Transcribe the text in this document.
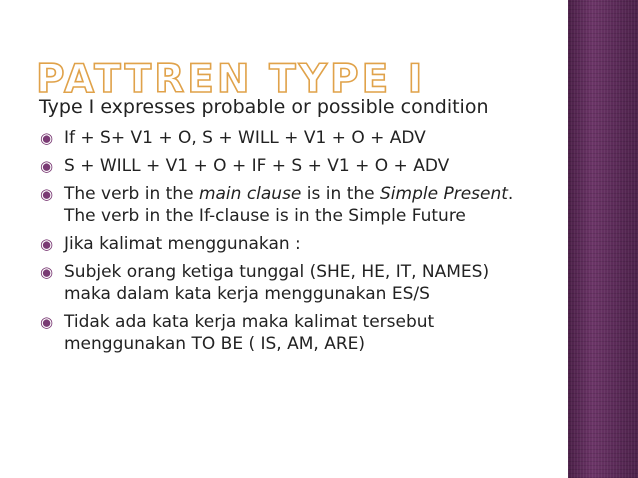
PATTREN TYPE I
Type I expresses probable or possible condition
◉ If + S+ V1 + O, S + WILL + V1 + O + ADV
◉ S + WILL + V1 + O + IF + S + V1 + O + ADV
◉ The verb in the main clause is in the Simple Present. The verb in the If-clause is in the Simple Future
◉ Jika kalimat menggunakan :
◉ Subjek orang ketiga tunggal (SHE, HE, IT, NAMES) maka dalam kata kerja menggunakan ES/S
◉ Tidak ada kata kerja maka kalimat tersebut menggunakan TO BE ( IS, AM, ARE)
